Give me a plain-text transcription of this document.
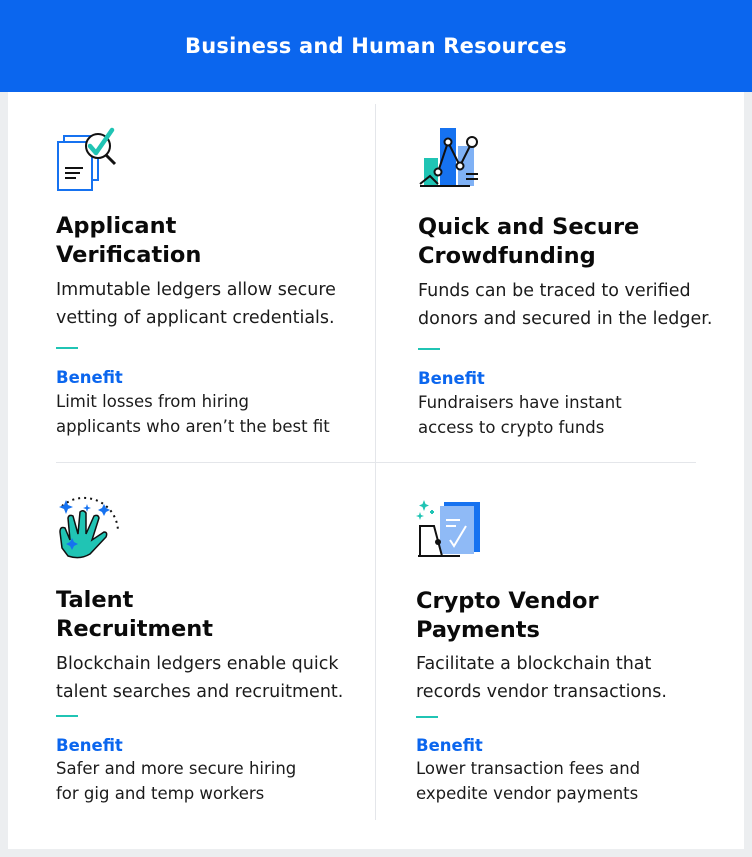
Business and Human Resources
Applicant
Verification
Immutable ledgers allow secure
vetting of applicant credentials.
Benefit
Limit losses from hiring
applicants who aren’t the best fit
Quick and Secure
Crowdfunding
Funds can be traced to verified
donors and secured in the ledger.
Benefit
Fundraisers have instant
access to crypto funds
Talent
Recruitment
Blockchain ledgers enable quick
talent searches and recruitment.
Benefit
Safer and more secure hiring
for gig and temp workers
Crypto Vendor
Payments
Facilitate a blockchain that
records vendor transactions.
Benefit
Lower transaction fees and
expedite vendor payments
